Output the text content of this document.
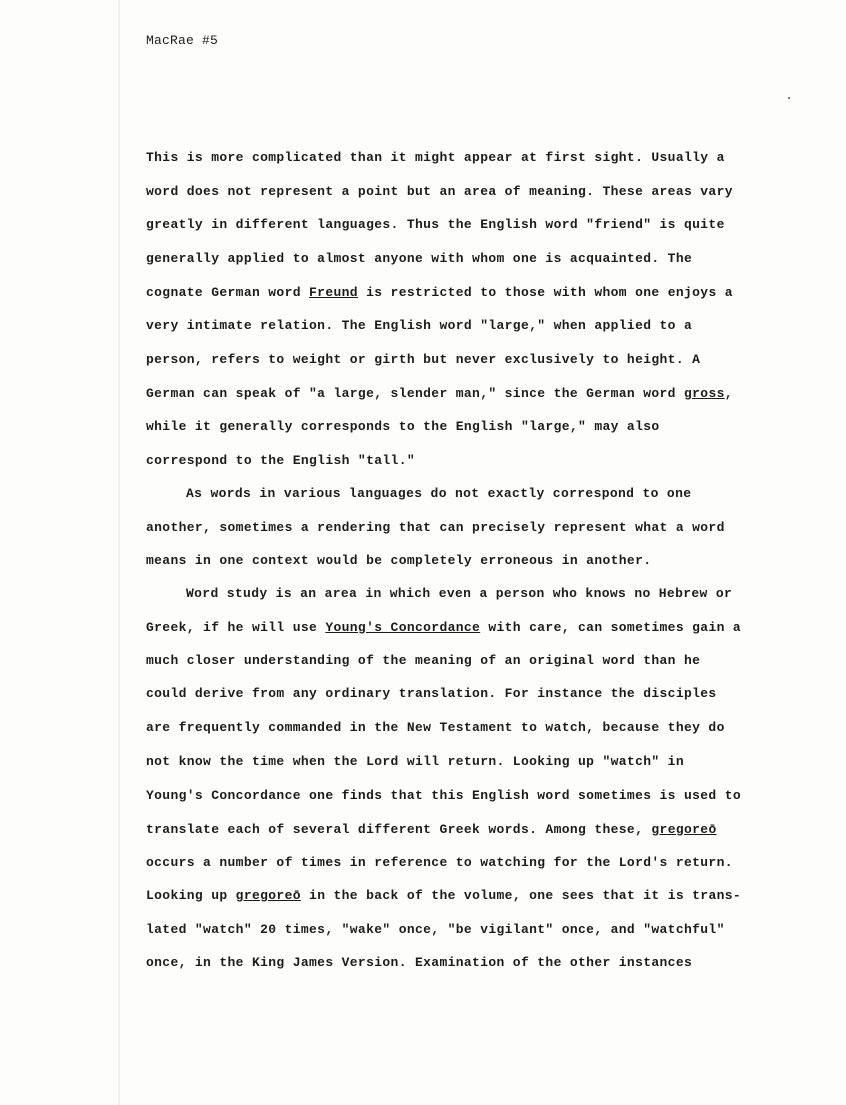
MacRae #5
This is more complicated than it might appear at first sight. Usually a
word does not represent a point but an area of meaning. These areas vary
greatly in different languages. Thus the English word "friend" is quite
generally applied to almost anyone with whom one is acquainted. The
cognate German word Freund is restricted to those with whom one enjoys a
very intimate relation. The English word "large," when applied to a
person, refers to weight or girth but never exclusively to height. A
German can speak of "a large, slender man," since the German word gross,
while it generally corresponds to the English "large," may also
correspond to the English "tall."
As words in various languages do not exactly correspond to one
another, sometimes a rendering that can precisely represent what a word
means in one context would be completely erroneous in another.
Word study is an area in which even a person who knows no Hebrew or
Greek, if he will use Young's Concordance with care, can sometimes gain a
much closer understanding of the meaning of an original word than he
could derive from any ordinary translation. For instance the disciples
are frequently commanded in the New Testament to watch, because they do
not know the time when the Lord will return. Looking up "watch" in
Young's Concordance one finds that this English word sometimes is used to
translate each of several different Greek words. Among these, gregoreō
occurs a number of times in reference to watching for the Lord's return.
Looking up gregoreō in the back of the volume, one sees that it is trans-
lated "watch" 20 times, "wake" once, "be vigilant" once, and "watchful"
once, in the King James Version. Examination of the other instances
